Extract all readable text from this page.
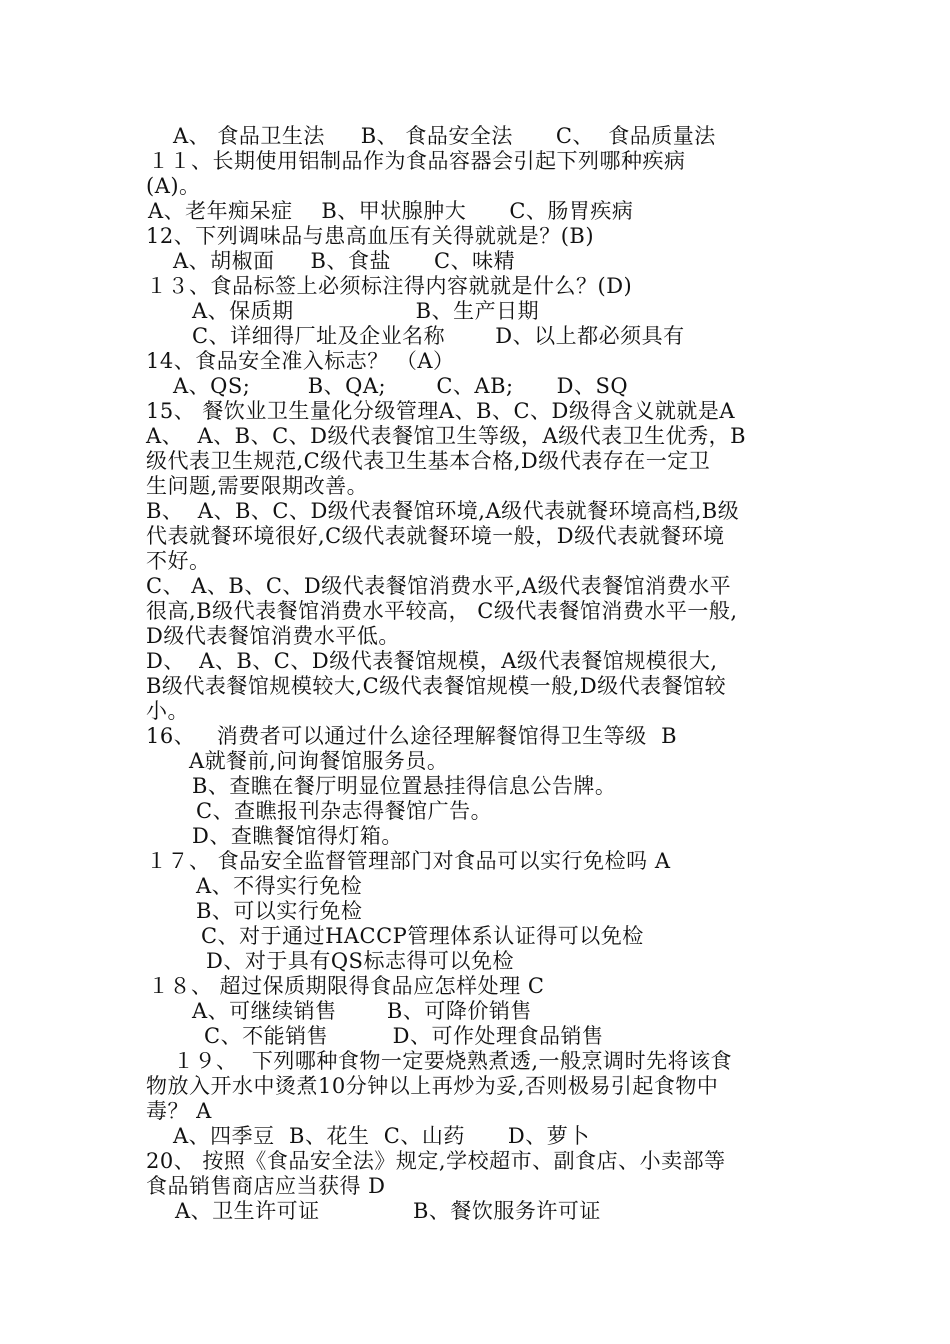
A、 食品卫生法     B、 食品安全法      C、  食品质量法
１１、长期使用铝制品作为食品容器会引起下列哪种疾病
(A)。
A、老年痴呆症    B、甲状腺肿大      C、肠胃疾病
12、下列调味品与患高血压有关得就就是？(B)
A、胡椒面     B、食盐      C、味精
１３、食品标签上必须标注得内容就就是什么？(D)
A、保质期                 B、生产日期
C、详细得厂址及企业名称       D、以上都必须具有
14、食品安全准入标志？ （A）
A、QS;        B、QA;       C、AB;      D、SQ
15、 餐饮业卫生量化分级管理A、B、C、D级得含义就就是A
A、  A、B、C、D级代表餐馆卫生等级，A级代表卫生优秀，B
级代表卫生规范,C级代表卫生基本合格,D级代表存在一定卫
生问题,需要限期改善。
B、  A、B、C、D级代表餐馆环境,A级代表就餐环境高档,B级
代表就餐环境很好,C级代表就餐环境一般，D级代表就餐环境
不好。
C、 A、B、C、D级代表餐馆消费水平,A级代表餐馆消费水平
很高,B级代表餐馆消费水平较高， C级代表餐馆消费水平一般,
D级代表餐馆消费水平低。
D、  A、B、C、D级代表餐馆规模，A级代表餐馆规模很大,
B级代表餐馆规模较大,C级代表餐馆规模一般,D级代表餐馆较
小。
16、   消费者可以通过什么途径理解餐馆得卫生等级  B
A就餐前,问询餐馆服务员。
B、查瞧在餐厅明显位置悬挂得信息公告牌。
C、查瞧报刊杂志得餐馆广告。
D、查瞧餐馆得灯箱。
１７、 食品安全监督管理部门对食品可以实行免检吗 A
A、不得实行免检
B、可以实行免检
C、对于通过HACCP管理体系认证得可以免检
D、对于具有QS标志得可以免检
１８、 超过保质期限得食品应怎样处理 C
A、可继续销售       B、可降价销售
C、不能销售         D、可作处理食品销售
１９、  下列哪种食物一定要烧熟煮透,一般烹调时先将该食
物放入开水中烫煮10分钟以上再炒为妥,否则极易引起食物中
毒？ A
A、四季豆  B、花生  C、山药      D、萝卜
20、 按照《食品安全法》规定,学校超市、副食店、小卖部等
食品销售商店应当获得 D
A、卫生许可证             B、餐饮服务许可证
